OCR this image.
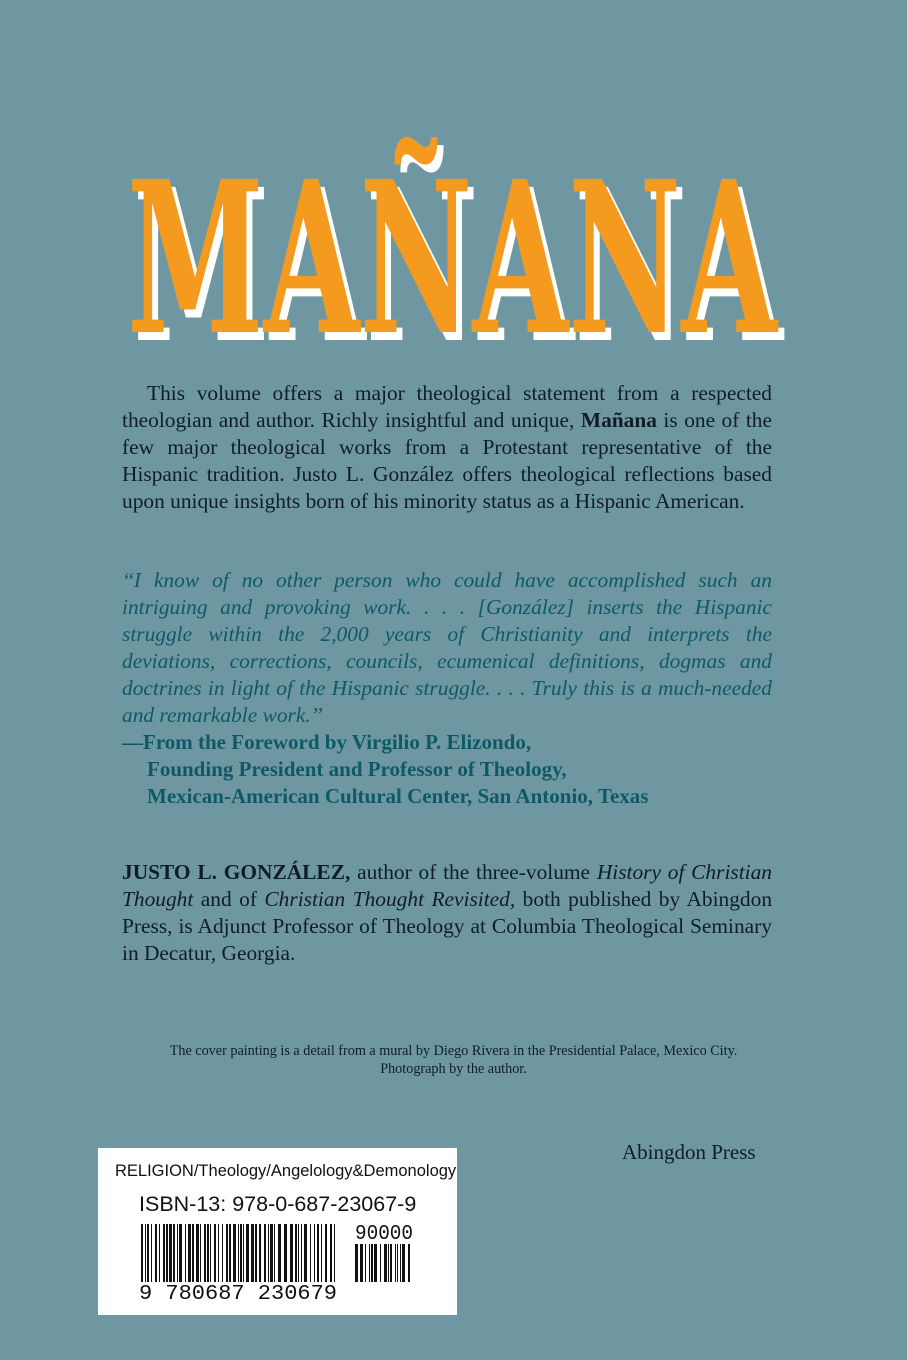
MAÑANA
MAÑANA

This volume offers a major theological statement from a respected theologian and author. Richly insightful and unique, Mañana is one of the few major theological works from a Protestant representative of the Hispanic tradition. Justo L. González offers theological reflections based upon unique insights born of his minority status as a Hispanic American.

‘‘I know of no other person who could have accomplished such an intriguing and provoking work. . . . [González] inserts the Hispanic struggle within the 2,000 years of Christianity and interprets the deviations, corrections, councils, ecumenical definitions, dogmas and doctrines in light of the Hispanic struggle. . . . Truly this is a much-needed and remarkable work.’’

—From the Foreword by Virgilio P. Elizondo,
Founding President and Professor of Theology,
Mexican-American Cultural Center, San Antonio, Texas

JUSTO L. GONZÁLEZ, author of the three-volume History of Christian Thought and of Christian Thought Revisited, both published by Abingdon Press, is Adjunct Professor of Theology at Columbia Theological Seminary in Decatur, Georgia.

The cover painting is a detail from a mural by Diego Rivera in the Presidential Palace, Mexico City.
Photograph by the author.
Abingdon Press
RELIGION/Theology/Angelology&Demonology
ISBN-13: 978-0-687-23067-9
9 780687 230679
90000
